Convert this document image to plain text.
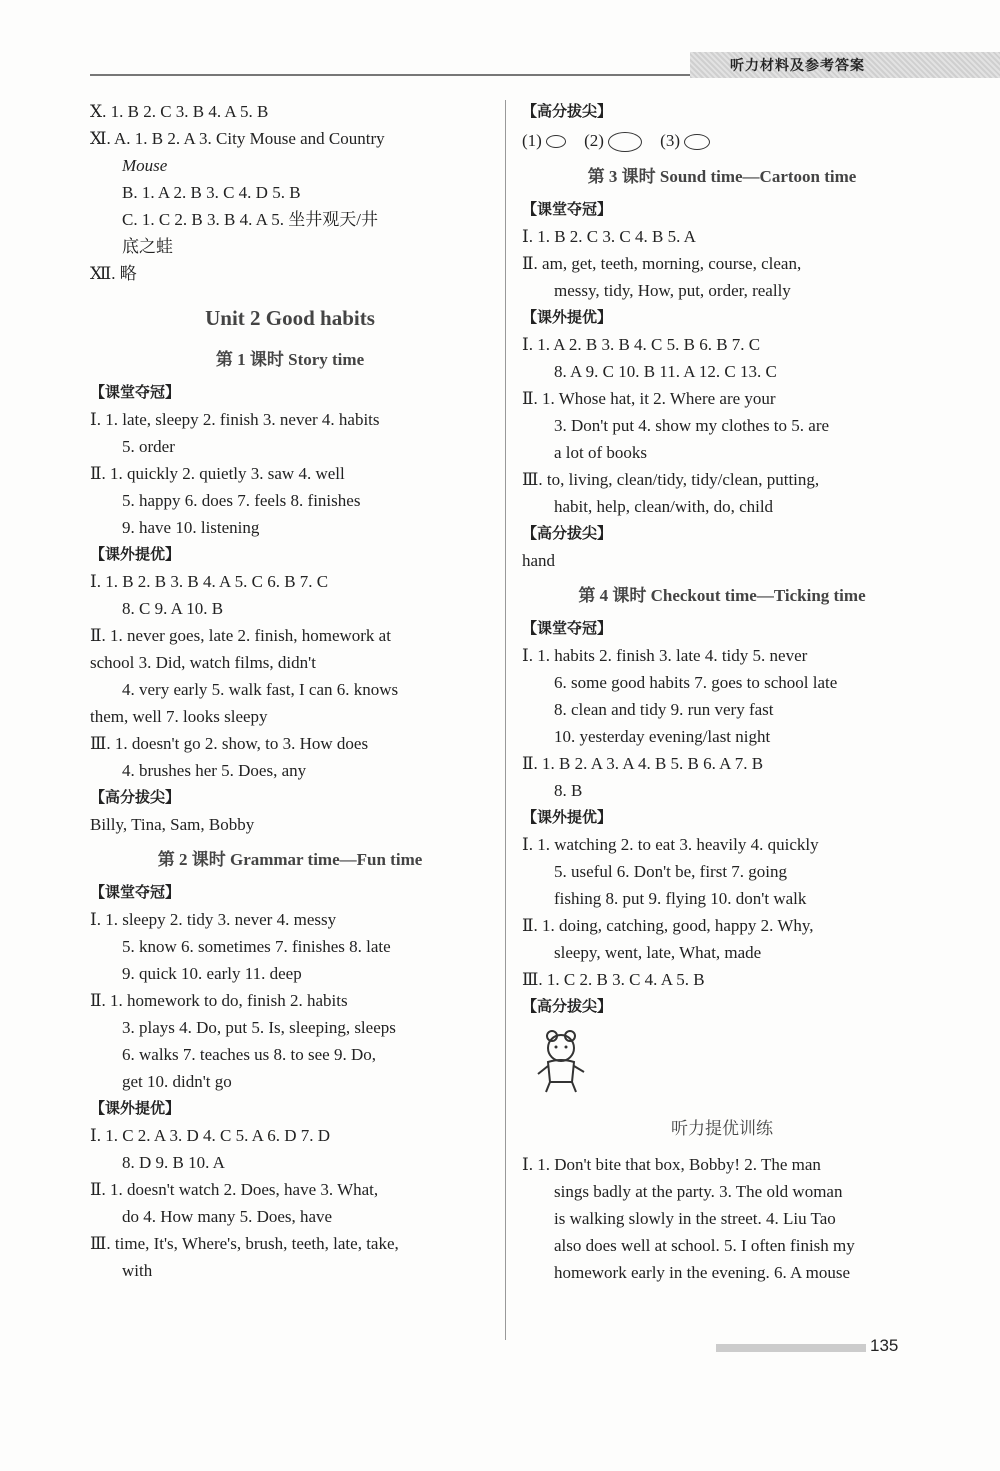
听力材料及参考答案
Ⅹ. 1. B 2. C 3. B 4. A 5. B
Ⅺ. A. 1. B 2. A 3. City Mouse and Country
Mouse
B. 1. A 2. B 3. C 4. D 5. B
C. 1. C 2. B 3. B 4. A 5. 坐井观天/井
底之蛙
Ⅻ. 略
Unit 2 Good habits
第 1 课时 Story time
【课堂夺冠】
Ⅰ. 1. late, sleepy 2. finish 3. never 4. habits
5. order
Ⅱ. 1. quickly 2. quietly 3. saw 4. well
5. happy 6. does 7. feels 8. finishes
9. have 10. listening
【课外提优】
Ⅰ. 1. B 2. B 3. B 4. A 5. C 6. B 7. C
8. C 9. A 10. B
Ⅱ. 1. never goes, late 2. finish, homework at
school 3. Did, watch films, didn't
4. very early 5. walk fast, I can 6. knows
them, well 7. looks sleepy
Ⅲ. 1. doesn't go 2. show, to 3. How does
4. brushes her 5. Does, any
【高分拔尖】
Billy, Tina, Sam, Bobby
第 2 课时 Grammar time—Fun time
【课堂夺冠】
Ⅰ. 1. sleepy 2. tidy 3. never 4. messy
5. know 6. sometimes 7. finishes 8. late
9. quick 10. early 11. deep
Ⅱ. 1. homework to do, finish 2. habits
3. plays 4. Do, put 5. Is, sleeping, sleeps
6. walks 7. teaches us 8. to see 9. Do,
get 10. didn't go
【课外提优】
Ⅰ. 1. C 2. A 3. D 4. C 5. A 6. D 7. D
8. D 9. B 10. A
Ⅱ. 1. doesn't watch 2. Does, have 3. What,
do 4. How many 5. Does, have
Ⅲ. time, It's, Where's, brush, teeth, late, take,
with
【高分拔尖】
(1)	(2)	(3)
第 3 课时 Sound time—Cartoon time
【课堂夺冠】
Ⅰ. 1. B 2. C 3. C 4. B 5. A
Ⅱ. am, get, teeth, morning, course, clean,
messy, tidy, How, put, order, really
【课外提优】
Ⅰ. 1. A 2. B 3. B 4. C 5. B 6. B 7. C
8. A 9. C 10. B 11. A 12. C 13. C
Ⅱ. 1. Whose hat, it 2. Where are your
3. Don't put 4. show my clothes to 5. are
a lot of books
Ⅲ. to, living, clean/tidy, tidy/clean, putting,
habit, help, clean/with, do, child
【高分拔尖】
hand
第 4 课时 Checkout time—Ticking time
【课堂夺冠】
Ⅰ. 1. habits 2. finish 3. late 4. tidy 5. never
6. some good habits 7. goes to school late
8. clean and tidy 9. run very fast
10. yesterday evening/last night
Ⅱ. 1. B 2. A 3. A 4. B 5. B 6. A 7. B
8. B
【课外提优】
Ⅰ. 1. watching 2. to eat 3. heavily 4. quickly
5. useful 6. Don't be, first 7. going
fishing 8. put 9. flying 10. don't walk
Ⅱ. 1. doing, catching, good, happy 2. Why,
sleepy, went, late, What, made
Ⅲ. 1. C 2. B 3. C 4. A 5. B
【高分拔尖】
听力提优训练
Ⅰ. 1. Don't bite that box, Bobby! 2. The man
sings badly at the party. 3. The old woman
is walking slowly in the street. 4. Liu Tao
also does well at school. 5. I often finish my
homework early in the evening. 6. A mouse
135
